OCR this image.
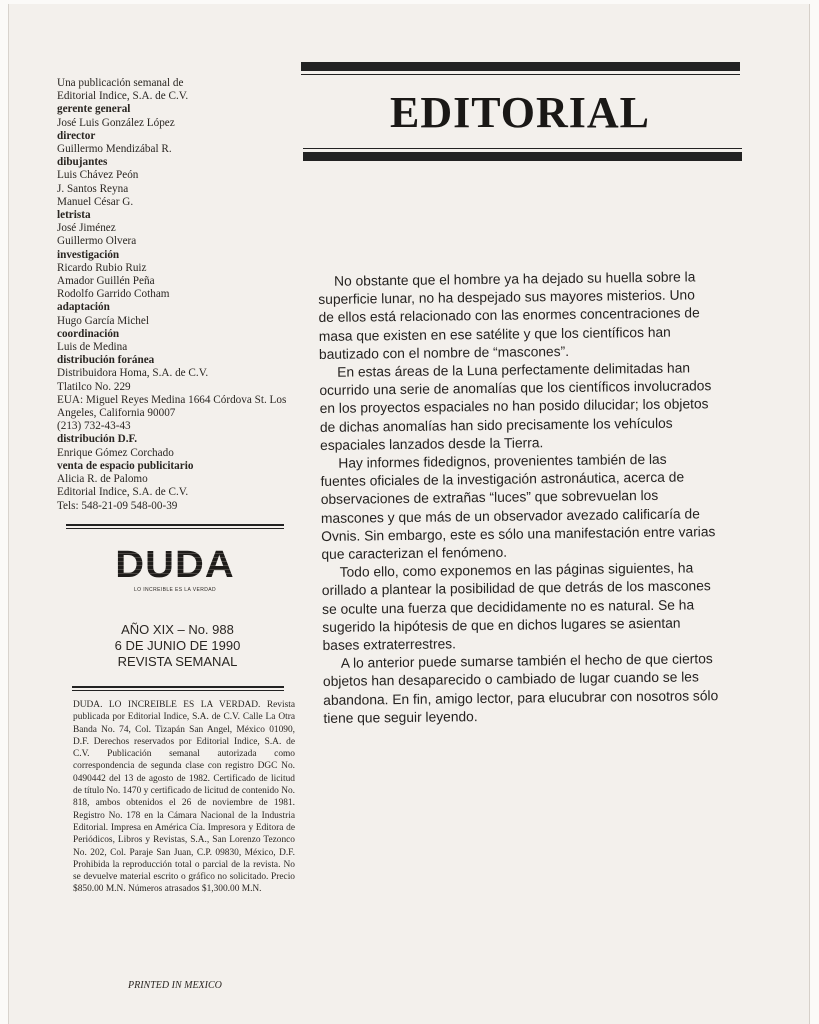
Una publicación semanal de
Editorial Indice, S.A. de C.V.
gerente general
José Luis González López
director
Guillermo Mendizábal R.
dibujantes
Luis Chávez Peón
J. Santos Reyna
Manuel César G.
letrista
José Jiménez
Guillermo Olvera
investigación
Ricardo Rubio Ruiz
Amador Guillén Peña
Rodolfo Garrido Cotham
adaptación
Hugo García Michel
coordinación
Luis de Medina
distribución foránea
Distribuidora Homa, S.A. de C.V.
Tlatilco No. 229
EUA: Miguel Reyes Medina 1664 Córdova St. Los Angeles, California 90007
(213) 732-43-43
distribución D.F.
Enrique Gómez Corchado
venta de espacio publicitario
Alicia R. de Palomo
Editorial Indice, S.A. de C.V.
Tels: 548-21-09 548-00-39
DUDA
LO INCREIBLE ES LA VERDAD
AÑO XIX – No. 988
6 DE JUNIO DE 1990
REVISTA SEMANAL
DUDA. LO INCREIBLE ES LA VERDAD. Revista publicada por Editorial Indice, S.A. de C.V. Calle La Otra Banda No. 74, Col. Tizapán San Angel, México 01090, D.F. Derechos reservados por Editorial Indice, S.A. de C.V. Publicación semanal autorizada como correspondencia de segunda clase con registro DGC No. 0490442 del 13 de agosto de 1982. Certificado de licitud de título No. 1470 y certificado de licitud de contenido No. 818, ambos obtenidos el 26 de noviembre de 1981. Registro No. 178 en la Cámara Nacional de la Industria Editorial. Impresa en América Cía. Impresora y Editora de Periódicos, Libros y Revistas, S.A., San Lorenzo Tezonco No. 202, Col. Paraje San Juan, C.P. 09830, México, D.F. Prohibida la reproducción total o parcial de la revista. No se devuelve material escrito o gráfico no solicitado. Precio $850.00 M.N. Números atrasados $1,300.00 M.N.
PRINTED IN MEXICO
EDITORIAL

No obstante que el hombre ya ha dejado su huella sobre la superficie lunar, no ha despejado sus mayores misterios. Uno de ellos está relacionado con las enormes concentraciones de masa que existen en ese satélite y que los científicos han bautizado con el nombre de “mascones”.

En estas áreas de la Luna perfectamente delimitadas han ocurrido una serie de anomalías que los científicos involucrados en los proyectos espaciales no han posido dilucidar; los objetos de dichas anomalías han sido precisamente los vehículos espaciales lanzados desde la Tierra.

Hay informes fidedignos, provenientes también de las fuentes oficiales de la investigación astronáutica, acerca de observaciones de extrañas “luces” que sobrevuelan los mascones y que más de un observador avezado calificaría de Ovnis. Sin embargo, este es sólo una manifestación entre varias que caracterizan el fenómeno.

Todo ello, como exponemos en las páginas siguientes, ha orillado a plantear la posibilidad de que detrás de los mascones se oculte una fuerza que decididamente no es natural. Se ha sugerido la hipótesis de que en dichos lugares se asientan bases extraterrestres.

A lo anterior puede sumarse también el hecho de que ciertos objetos han desaparecido o cambiado de lugar cuando se les abandona. En fin, amigo lector, para elucubrar con nosotros sólo tiene que seguir leyendo.
